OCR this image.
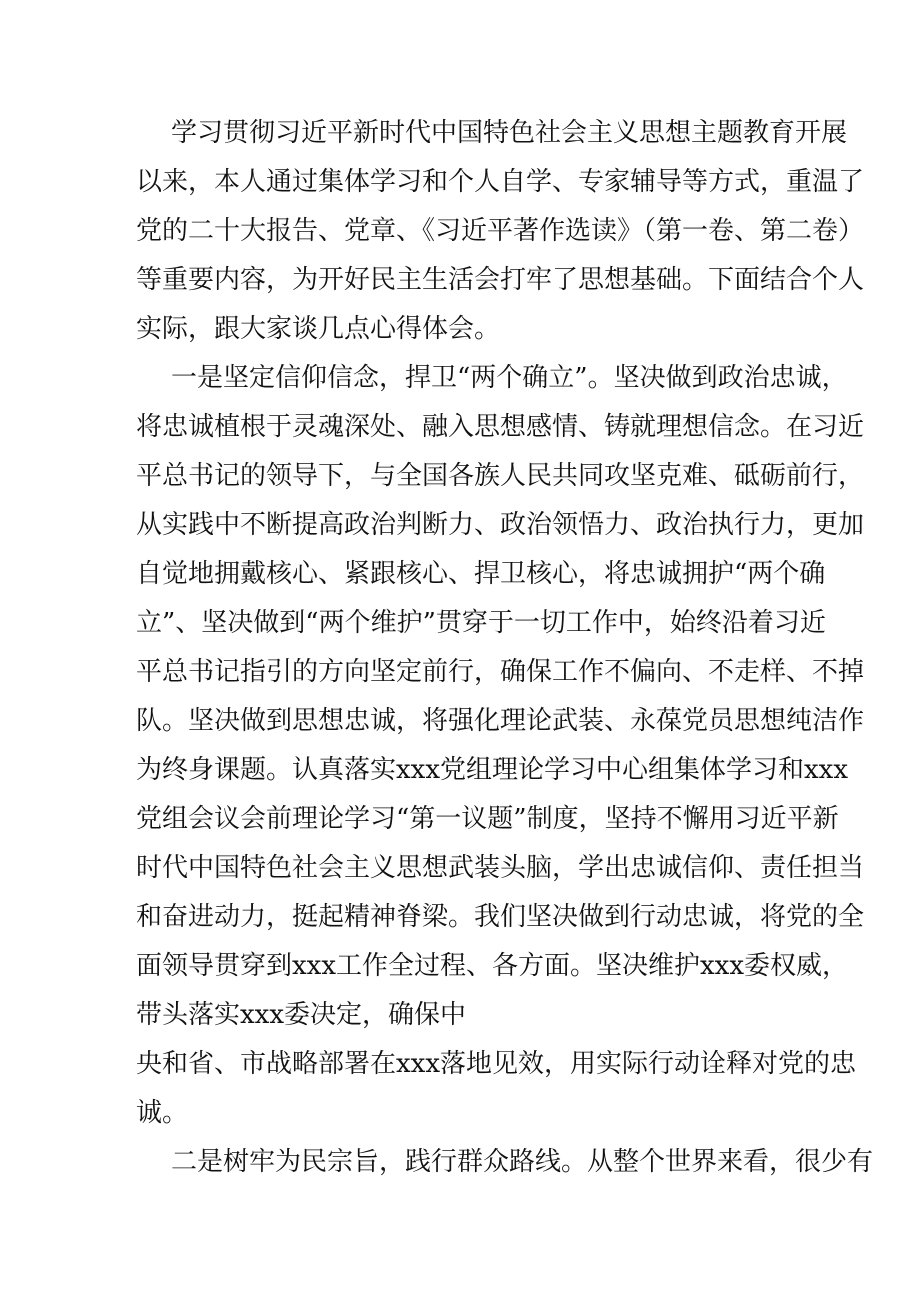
学习贯彻习近平新时代中国特色社会主义思想主题教育开展
以来，本人通过集体学习和个人自学、专家辅导等方式，重温了
党的二十大报告、党章、《习近平著作选读》（第一卷、第二卷）
等重要内容，为开好民主生活会打牢了思想基础。下面结合个人
实际，跟大家谈几点心得体会。
一是坚定信仰信念，捍卫“两个确立”。坚决做到政治忠诚，
将忠诚植根于灵魂深处、融入思想感情、铸就理想信念。在习近
平总书记的领导下，与全国各族人民共同攻坚克难、砥砺前行，
从实践中不断提高政治判断力、政治领悟力、政治执行力，更加
自觉地拥戴核心、紧跟核心、捍卫核心，将忠诚拥护“两个确
立”、坚决做到“两个维护”贯穿于一切工作中，始终沿着习近
平总书记指引的方向坚定前行，确保工作不偏向、不走样、不掉
队。坚决做到思想忠诚，将强化理论武装、永葆党员思想纯洁作
为终身课题。认真落实xxx党组理论学习中心组集体学习和xxx
党组会议会前理论学习“第一议题”制度，坚持不懈用习近平新
时代中国特色社会主义思想武装头脑，学出忠诚信仰、责任担当
和奋进动力，挺起精神脊梁。我们坚决做到行动忠诚，将党的全
面领导贯穿到xxx工作全过程、各方面。坚决维护xxx委权威，
带头落实xxx委决定，确保中
央和省、市战略部署在xxx落地见效，用实际行动诠释对党的忠
诚。
二是树牢为民宗旨，践行群众路线。从整个世界来看，很少有
